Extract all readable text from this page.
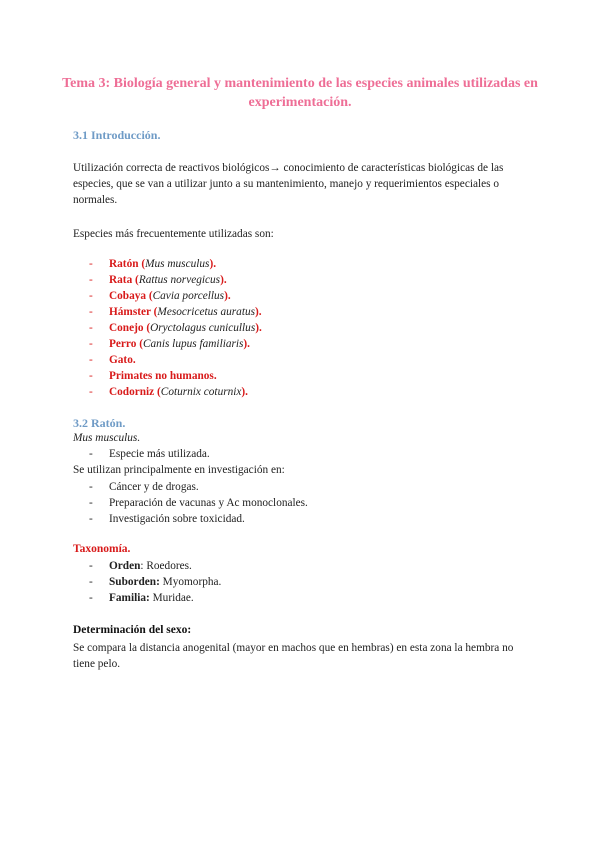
Tema 3: Biología general y mantenimiento de las especies animales utilizadas en experimentación.
3.1 Introducción.
Utilización correcta de reactivos biológicos→ conocimiento de características biológicas de las especies, que se van a utilizar junto a su mantenimiento, manejo y requerimientos especiales o normales.
Especies más frecuentemente utilizadas son:
- Ratón (Mus musculus).
- Rata (Rattus norvegicus).
- Cobaya (Cavia porcellus).
- Hámster (Mesocricetus auratus).
- Conejo (Oryctolagus cunicullus).
- Perro (Canis lupus familiaris).
- Gato.
- Primates no humanos.
- Codorniz (Coturnix coturnix).
3.2 Ratón.
Mus musculus.
- Especie más utilizada.
Se utilizan principalmente en investigación en:
- Cáncer y de drogas.
- Preparación de vacunas y Ac monoclonales.
- Investigación sobre toxicidad.
Taxonomía.
- Orden: Roedores.
- Suborden: Myomorpha.
- Familia: Muridae.
Determinación del sexo:
Se compara la distancia anogenital (mayor en machos que en hembras) en esta zona la hembra no tiene pelo.
